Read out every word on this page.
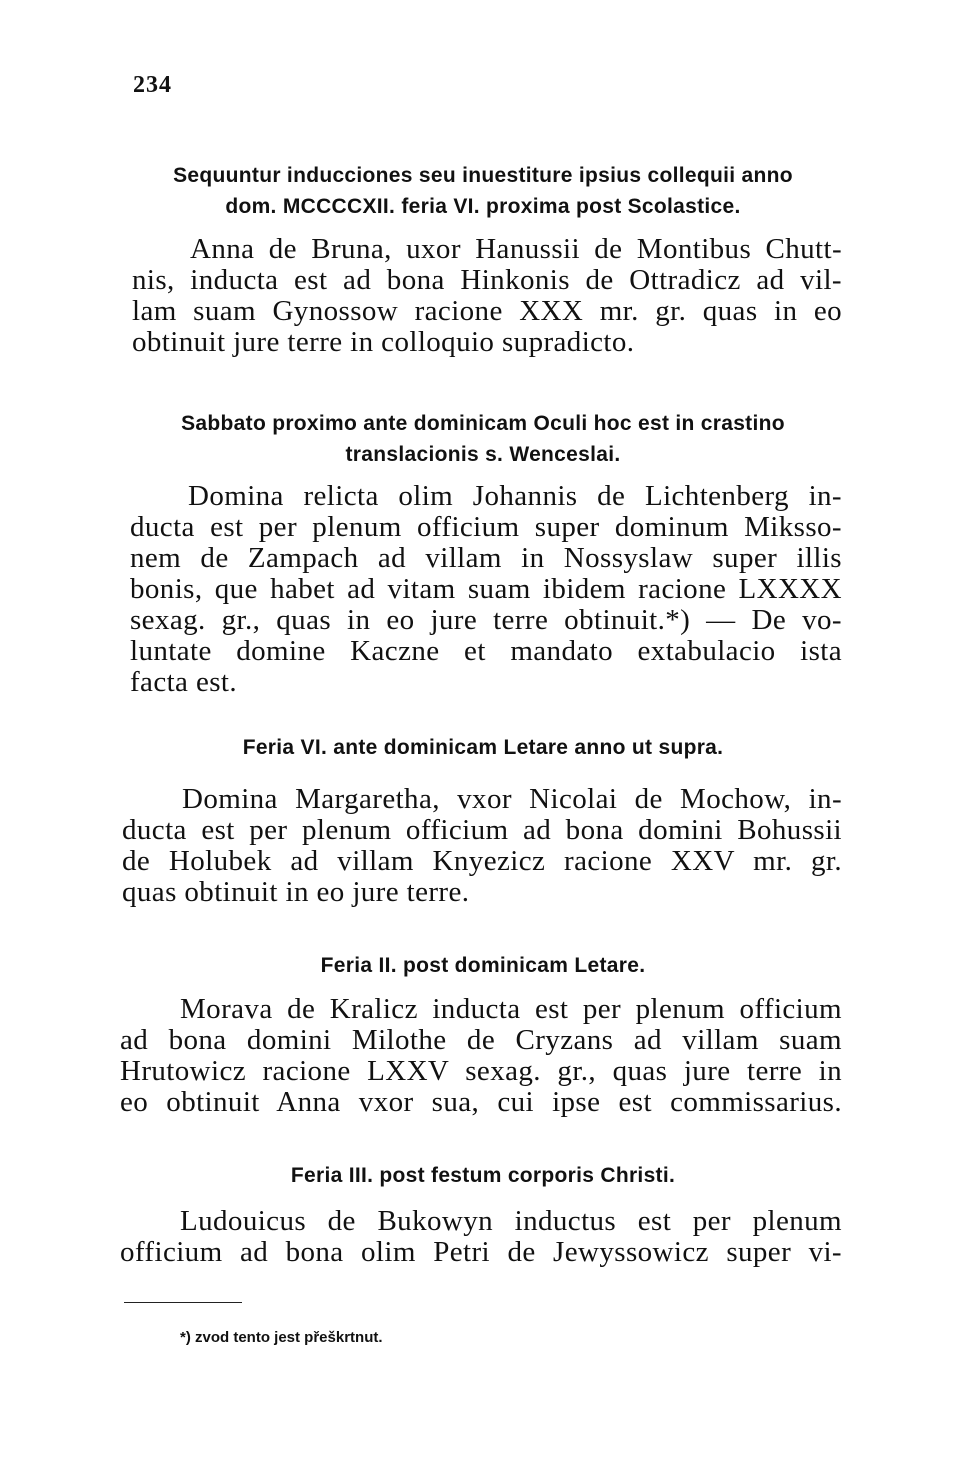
234
Sequuntur inducciones seu inuestiture ipsius collequii anno
dom. MCCCCXII. feria VI. proxima post Scolastice.
Anna de Bruna, uxor Hanussii de Montibus Chutt-
nis, inducta est ad bona Hinkonis de Ottradicz ad vil-
lam suam Gynossow racione XXX mr. gr. quas in eo
obtinuit jure terre in colloquio supradicto.
Sabbato proximo ante dominicam Oculi hoc est in crastino
translacionis s. Wenceslai.
Domina relicta olim Johannis de Lichtenberg in-
ducta est per plenum officium super dominum Mikssо-
nem de Zampach ad villam in Nossyslaw super illis
bonis, que habet ad vitam suam ibidem racione LXXXX
sexag. gr., quas in eo jure terre obtinuit.*) — De vo-
luntate domine Kaczne et mandato extabulacio ista
facta est.
Feria VI. ante dominicam Letare anno ut supra.
Domina Margaretha, vxor Nicolai de Mochow, in-
ducta est per plenum officium ad bona domini Bohussii
de Holubek ad villam Knyezicz racione XXV mr. gr.
quas obtinuit in eo jure terre.
Feria II. post dominicam Letare.
Morava de Kralicz inducta est per plenum officium
ad bona domini Milothe de Cryzans ad villam suam
Hrutowicz racione LXXV sexag. gr., quas jure terre in
eo obtinuit Anna vxor sua, cui ipse est commissarius.
Feria III. post festum corporis Christi.
Ludouicus de Bukowyn inductus est per plenum
officium ad bona olim Petri de Jewyssowicz super vi-
*) zvod tento jest přeškrtnut.
